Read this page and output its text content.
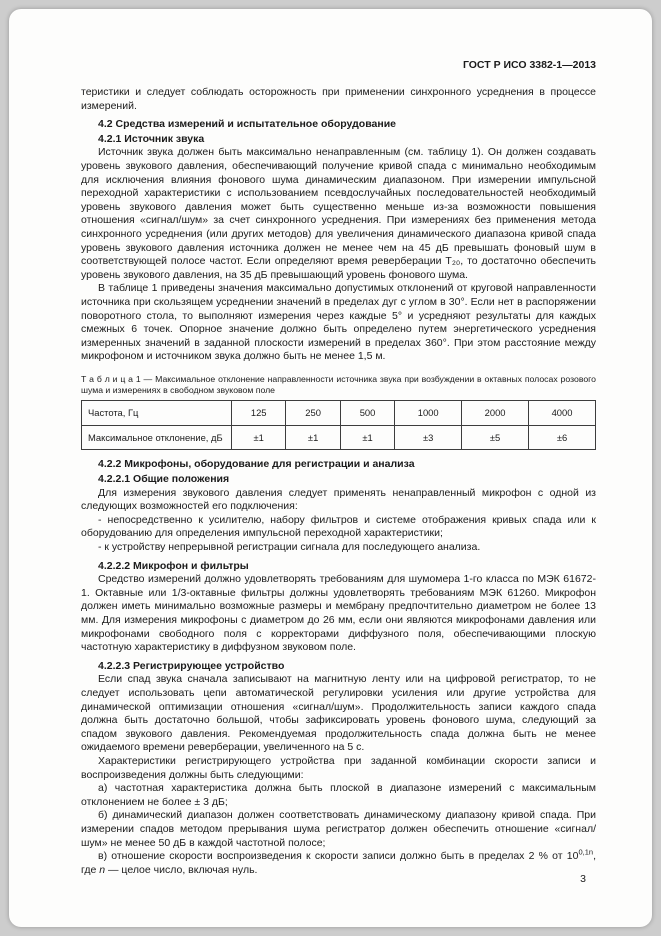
ГОСТ Р ИСО 3382-1—2013

теристики и следует соблюдать осторожность при применении синхронного усреднения в процессе измерений.

4.2 Средства измерений и испытательное оборудование

4.2.1 Источник звука

Источник звука должен быть максимально ненаправленным (см. таблицу 1). Он должен создавать уровень звукового давления, обеспечивающий получение кривой спада с минимально необходимым для исключения влияния фонового шума динамическим диапазоном. При измерении импульсной переходной характеристики с использованием псевдослучайных последовательностей необходимый уровень звукового давления может быть существенно меньше из-за возможности повышения отношения «сигнал/шум» за счет синхронного усреднения. При измерениях без применения метода синхронного усреднения (или других методов) для увеличения динамического диапазона кривой спада уровень звукового давления источника должен не менее чем на 45 дБ превышать фоновый шум в соответствующей полосе частот. Если определяют время реверберации Т₂₀, то достаточно обеспечить уровень звукового давления, на 35 дБ превышающий уровень фонового шума.

В таблице 1 приведены значения максимально допустимых отклонений от круговой направленности источника при скользящем усреднении значений в пределах дуг с углом в 30°. Если нет в распоряжении поворотного стола, то выполняют измерения через каждые 5° и усредняют результаты для каждых смежных 6 точек. Опорное значение должно быть определено путем энергетического усреднения измеренных значений в заданной плоскости измерений в пределах 360°. При этом расстояние между микрофоном и источником звука должно быть не менее 1,5 м.

Т а б л и ц а 1 — Максимальное отклонение направленности источника звука при возбуждении в октавных полосах розового шума и измерениях в свободном звуковом поле

Частота, Гц	125	250	500	1000	2000	4000
Максимальное отклонение, дБ	±1	±1	±1	±3	±5	±6

4.2.2 Микрофоны, оборудование для регистрации и анализа

4.2.2.1 Общие положения

Для измерения звукового давления следует применять ненаправленный микрофон с одной из следующих возможностей его подключения:

- непосредственно к усилителю, набору фильтров и системе отображения кривых спада или к оборудованию для определения импульсной переходной характеристики;

- к устройству непрерывной регистрации сигнала для последующего анализа.

4.2.2.2 Микрофон и фильтры

Средство измерений должно удовлетворять требованиям для шумомера 1-го класса по МЭК 61672-1. Октавные или 1/3-октавные фильтры должны удовлетворять требованиям МЭК 61260. Микрофон должен иметь минимально возможные размеры и мембрану предпочтительно диаметром не более 13 мм. Для измерения микрофоны с диаметром до 26 мм, если они являются микрофонами давления или микрофонами свободного поля с корректорами диффузного поля, обеспечивающими плоскую частотную характеристику в диффузном звуковом поле.

4.2.2.3 Регистрирующее устройство

Если спад звука сначала записывают на магнитную ленту или на цифровой регистратор, то не следует использовать цепи автоматической регулировки усиления или другие устройства для динамической оптимизации отношения «сигнал/шум». Продолжительность записи каждого спада должна быть достаточно большой, чтобы зафиксировать уровень фонового шума, следующий за спадом звукового давления. Рекомендуемая продолжительность спада должна быть не менее ожидаемого времени реверберации, увеличенного на 5 с.

Характеристики регистрирующего устройства при заданной комбинации скорости записи и воспроизведения должны быть следующими:

а) частотная характеристика должна быть плоской в диапазоне измерений с максимальным отклонением не более ± 3 дБ;

б) динамический диапазон должен соответствовать динамическому диапазону кривой спада. При измерении спадов методом прерывания шума регистратор должен обеспечить отношение «сигнал/шум» не менее 50 дБ в каждой частотной полосе;

в) отношение скорости воспроизведения к скорости записи должно быть в пределах 2 % от $10^{0,1n}$, где n — целое число, включая нуль.

3
